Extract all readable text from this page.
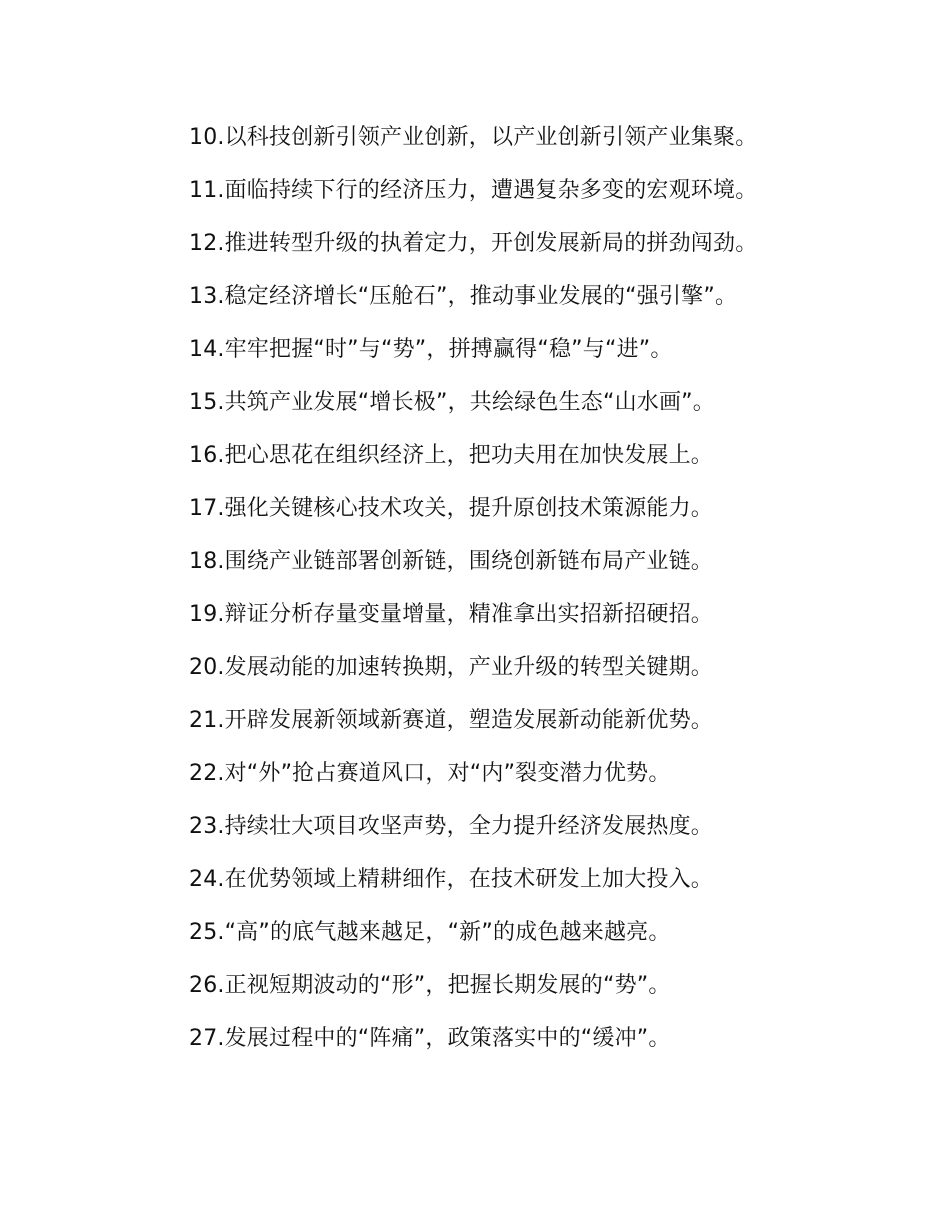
10.以科技创新引领产业创新，以产业创新引领产业集聚。
11.面临持续下行的经济压力，遭遇复杂多变的宏观环境。
12.推进转型升级的执着定力，开创发展新局的拼劲闯劲。
13.稳定经济增长“压舱石”，推动事业发展的“强引擎”。
14.牢牢把握“时”与“势”，拼搏赢得“稳”与“进”。
15.共筑产业发展“增长极”，共绘绿色生态“山水画”。
16.把心思花在组织经济上，把功夫用在加快发展上。
17.强化关键核心技术攻关，提升原创技术策源能力。
18.围绕产业链部署创新链，围绕创新链布局产业链。
19.辩证分析存量变量增量，精准拿出实招新招硬招。
20.发展动能的加速转换期，产业升级的转型关键期。
21.开辟发展新领域新赛道，塑造发展新动能新优势。
22.对“外”抢占赛道风口，对“内”裂变潜力优势。
23.持续壮大项目攻坚声势，全力提升经济发展热度。
24.在优势领域上精耕细作，在技术研发上加大投入。
25.“高”的底气越来越足，“新”的成色越来越亮。
26.正视短期波动的“形”，把握长期发展的“势”。
27.发展过程中的“阵痛”，政策落实中的“缓冲”。
